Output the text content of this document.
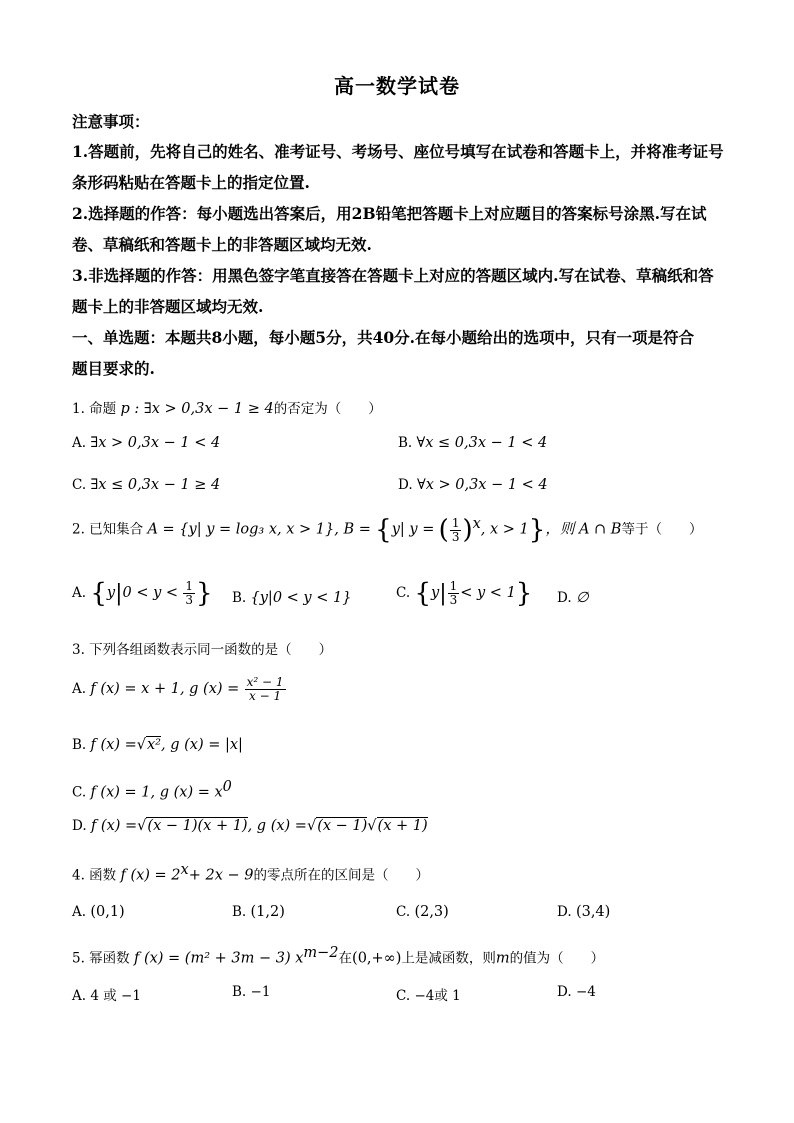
高一数学试卷
注意事项：
1.答题前，先将自己的姓名、准考证号、考场号、座位号填写在试卷和答题卡上，并将准考证号
条形码粘贴在答题卡上的指定位置.
2.选择题的作答：每小题选出答案后，用2B铅笔把答题卡上对应题目的答案标号涂黑.写在试
卷、草稿纸和答题卡上的非答题区域均无效.
3.非选择题的作答：用黑色签字笔直接答在答题卡上对应的答题区域内.写在试卷、草稿纸和答
题卡上的非答题区域均无效.
一、单选题：本题共8小题，每小题5分，共40分.在每小题给出的选项中，只有一项是符合
题目要求的.
1. 命题 p : ∃x > 0,3x − 1 ≥ 4的否定为（　　）
A. ∃x > 0,3x − 1 < 4	B. ∀x ≤ 0,3x − 1 < 4
C. ∃x ≤ 0,3x − 1 ≥ 4	D. ∀x > 0,3x − 1 < 4
2. 已知集合 A = {y| y = log₃ x, x > 1}, B = {y| y = ( $\frac{1}{3} )^x$, x > 1}，则 A ∩ B等于（　　）
A. {$y|0 < y < \frac{1}{3}$ } B. {y|0 < y < 1}	C. $\{y| \frac{1}{3} < y < 1\}$ D. ∅
3. 下列各组函数表示同一函数的是（　　）
A. f (x) = x + 1, g $(x) = \frac{\text{x² − 1}}{x - 1}$
B. f (x) =√x², g (x) = |x|
C. f (x) = 1, g $(x) = x^0$
D. f (x) =√(x − 1)(x + 1), g (x) =√(x − 1)√(x + 1)
4. 函数 f $(x) = 2^x+ 2x - 9$的零点所在的区间是（　　）
A. (0,1)	B. (1,2)	C. (2,3)	D. (3,4)
5. 幂函数 f (x) = (m² + 3m − 3) $x^{m-2}$在(0,+∞)上是减函数，则m的值为（　　）
A. 4 或 −1	B. −1	C. −4或 1	D. −4
